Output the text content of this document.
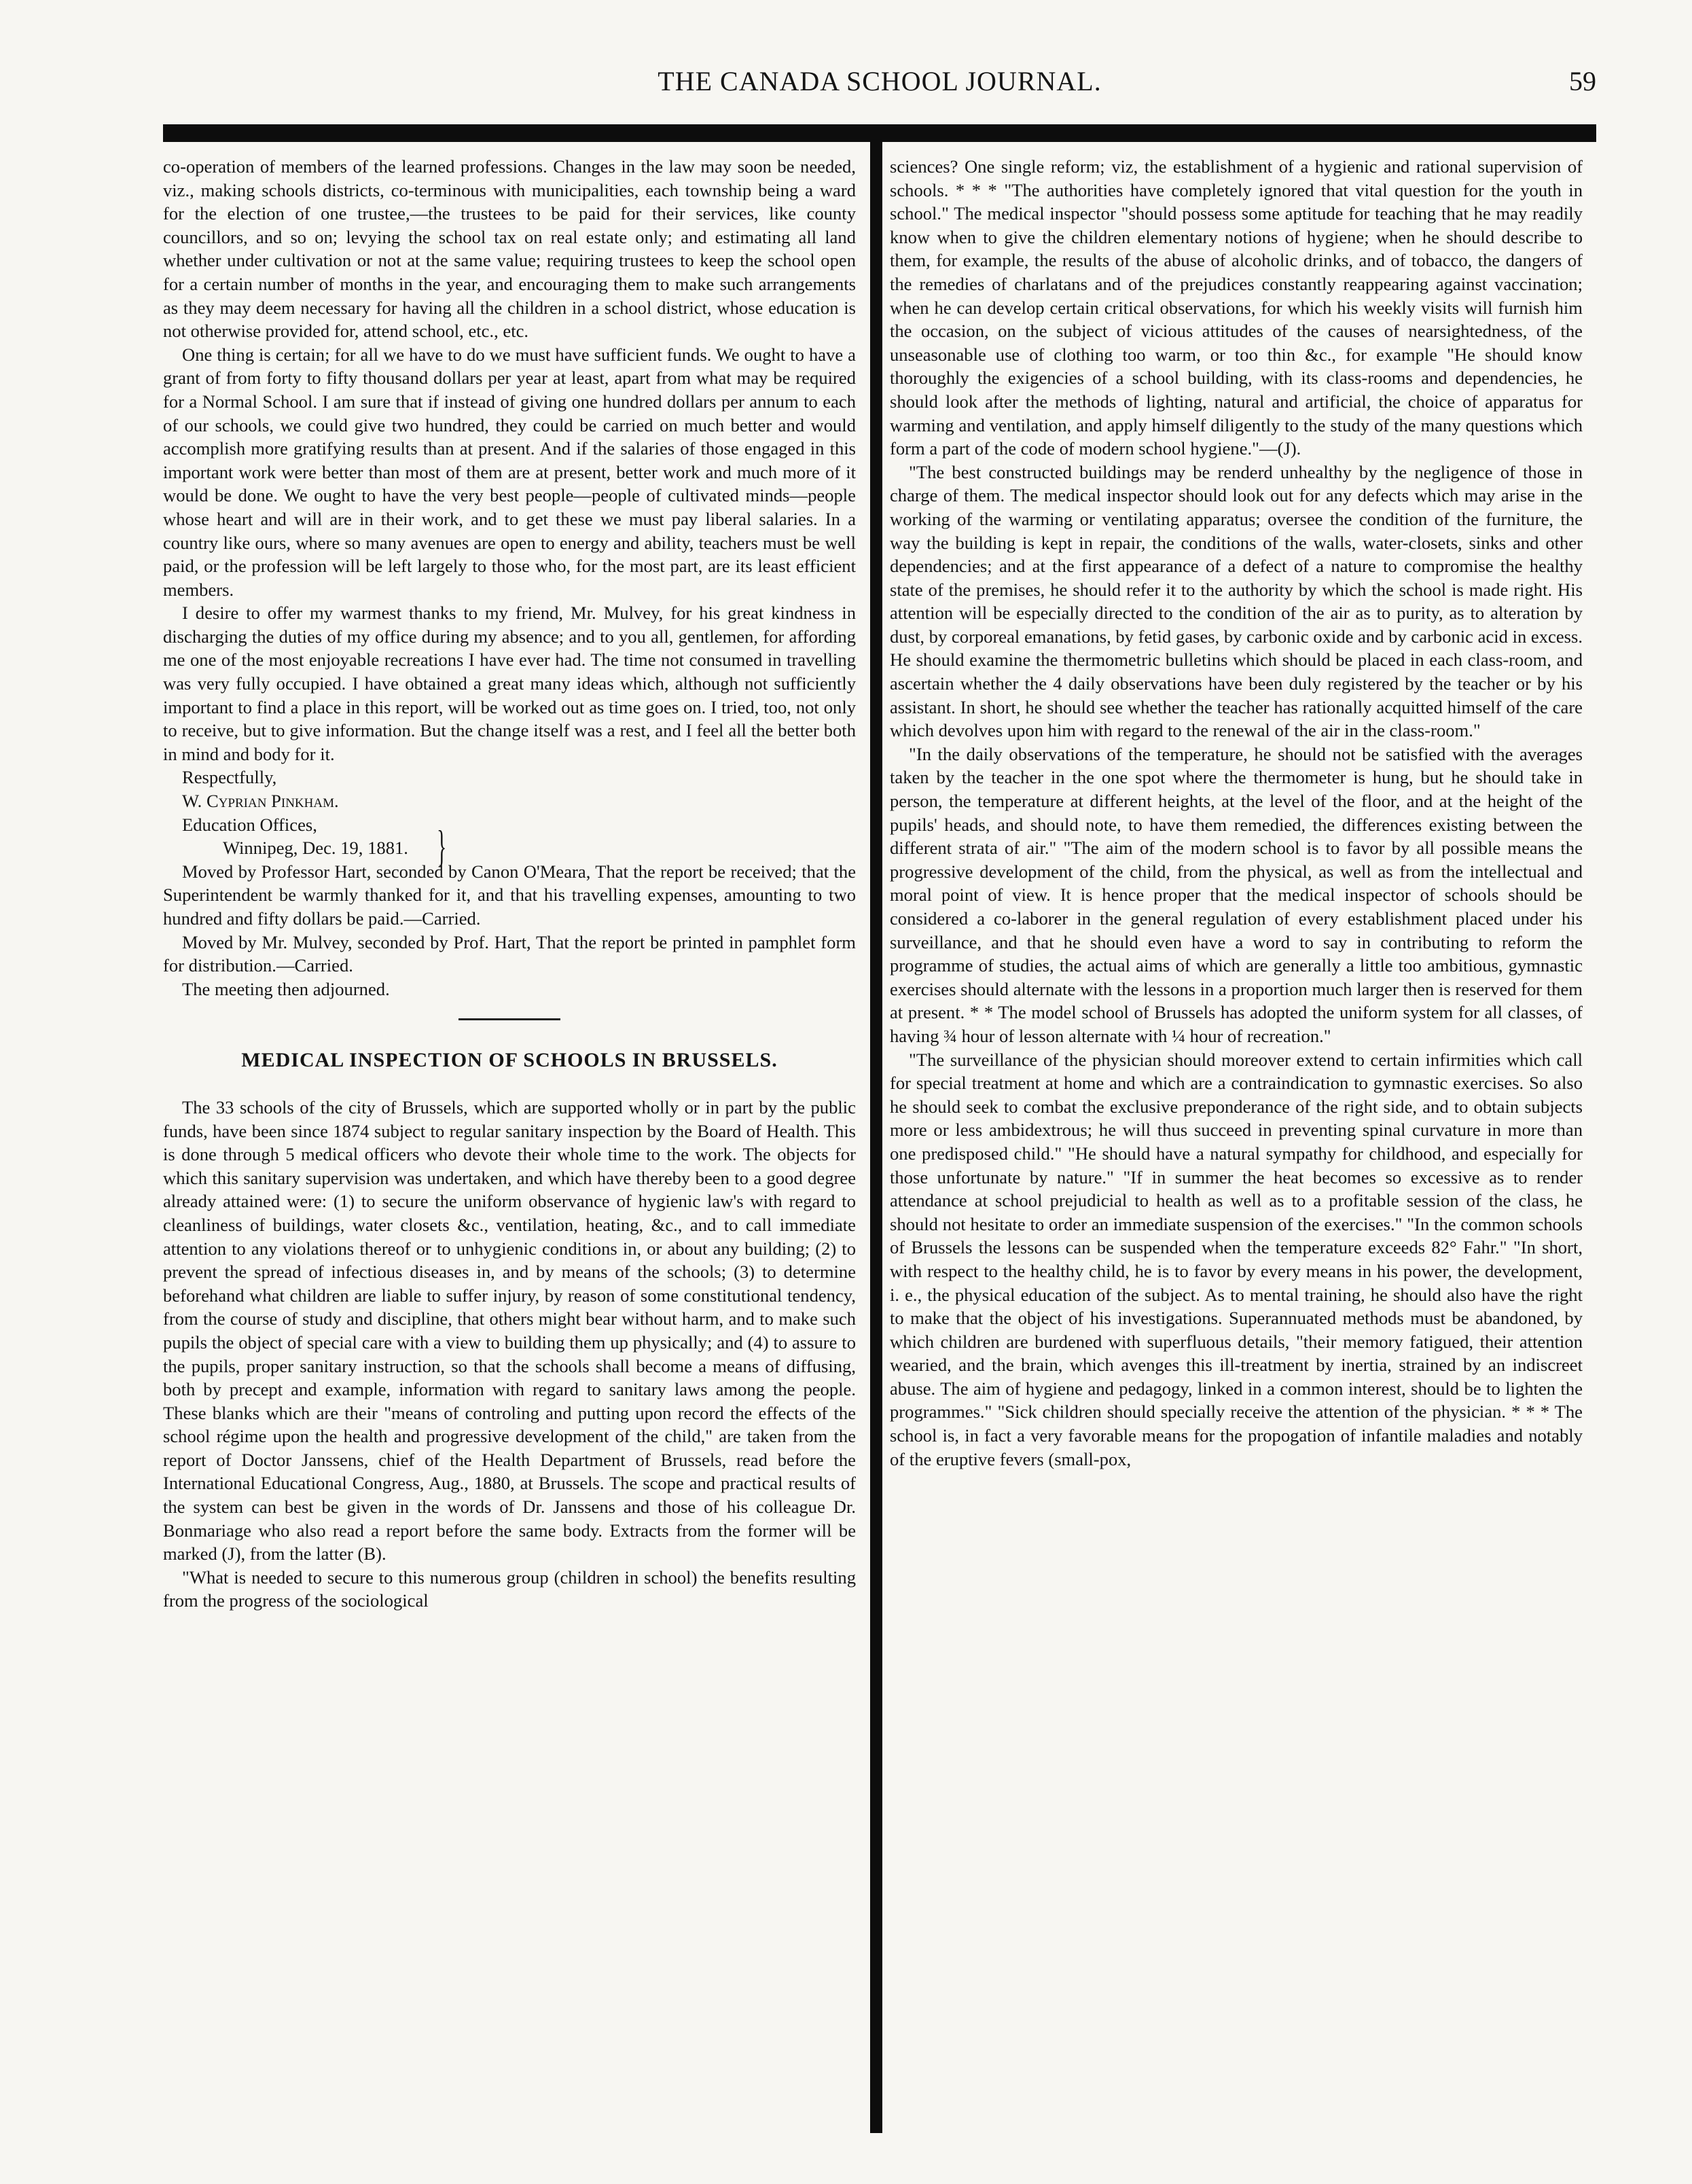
THE CANADA SCHOOL JOURNAL.	59

co-operation of members of the learned professions. Changes in the law may soon be needed, viz., making schools districts, co-terminous with municipalities, each township being a ward for the election of one trustee,—the trustees to be paid for their services, like county councillors, and so on; levying the school tax on real estate only; and estimating all land whether under cultivation or not at the same value; requiring trustees to keep the school open for a certain number of months in the year, and encouraging them to make such arrangements as they may deem necessary for having all the children in a school district, whose education is not otherwise provided for, attend school, etc., etc.

One thing is certain; for all we have to do we must have sufficient funds. We ought to have a grant of from forty to fifty thousand dollars per year at least, apart from what may be required for a Normal School. I am sure that if instead of giving one hundred dollars per annum to each of our schools, we could give two hundred, they could be carried on much better and would accomplish more gratifying results than at present. And if the salaries of those engaged in this important work were better than most of them are at present, better work and much more of it would be done. We ought to have the very best people—people of cultivated minds—people whose heart and will are in their work, and to get these we must pay liberal salaries. In a country like ours, where so many avenues are open to energy and ability, teachers must be well paid, or the profession will be left largely to those who, for the most part, are its least efficient members.

I desire to offer my warmest thanks to my friend, Mr. Mulvey, for his great kindness in discharging the duties of my office during my absence; and to you all, gentlemen, for affording me one of the most enjoyable recreations I have ever had. The time not consumed in travelling was very fully occupied. I have obtained a great many ideas which, although not sufficiently important to find a place in this report, will be worked out as time goes on. I tried, too, not only to receive, but to give information. But the change itself was a rest, and I feel all the better both in mind and body for it.

Respectfully,

W. Cyprian Pinkham.

Education Offices,

Winnipeg, Dec. 19, 1881. }

Moved by Professor Hart, seconded by Canon O'Meara, That the report be received; that the Superintendent be warmly thanked for it, and that his travelling expenses, amounting to two hundred and fifty dollars be paid.—Carried.

Moved by Mr. Mulvey, seconded by Prof. Hart, That the report be printed in pamphlet form for distribution.—Carried.

The meeting then adjourned.

MEDICAL INSPECTION OF SCHOOLS IN BRUSSELS.

The 33 schools of the city of Brussels, which are supported wholly or in part by the public funds, have been since 1874 subject to regular sanitary inspection by the Board of Health. This is done through 5 medical officers who devote their whole time to the work. The objects for which this sanitary supervision was undertaken, and which have thereby been to a good degree already attained were: (1) to secure the uniform observance of hygienic law's with regard to cleanliness of buildings, water closets &c., ventilation, heating, &c., and to call immediate attention to any violations thereof or to unhygienic conditions in, or about any building; (2) to prevent the spread of infectious diseases in, and by means of the schools; (3) to determine beforehand what children are liable to suffer injury, by reason of some constitutional tendency, from the course of study and discipline, that others might bear without harm, and to make such pupils the object of special care with a view to building them up physically; and (4) to assure to the pupils, proper sanitary instruction, so that the schools shall become a means of diffusing, both by precept and example, information with regard to sanitary laws among the people. These blanks which are their "means of controling and putting upon record the effects of the school régime upon the health and progressive development of the child," are taken from the report of Doctor Janssens, chief of the Health Department of Brussels, read before the International Educational Congress, Aug., 1880, at Brussels. The scope and practical results of the system can best be given in the words of Dr. Janssens and those of his colleague Dr. Bonmariage who also read a report before the same body. Extracts from the former will be marked (J), from the latter (B).

"What is needed to secure to this numerous group (children in school) the benefits resulting from the progress of the sociological

sciences? One single reform; viz, the establishment of a hygienic and rational supervision of schools. * * * "The authorities have completely ignored that vital question for the youth in school." The medical inspector "should possess some aptitude for teaching that he may readily know when to give the children elementary notions of hygiene; when he should describe to them, for example, the results of the abuse of alcoholic drinks, and of tobacco, the dangers of the remedies of charlatans and of the prejudices constantly reappearing against vaccination; when he can develop certain critical observations, for which his weekly visits will furnish him the occasion, on the subject of vicious attitudes of the causes of nearsightedness, of the unseasonable use of clothing too warm, or too thin &c., for example "He should know thoroughly the exigencies of a school building, with its class-rooms and dependencies, he should look after the methods of lighting, natural and artificial, the choice of apparatus for warming and ventilation, and apply himself diligently to the study of the many questions which form a part of the code of modern school hygiene."—(J).

"The best constructed buildings may be renderd unhealthy by the negligence of those in charge of them. The medical inspector should look out for any defects which may arise in the working of the warming or ventilating apparatus; oversee the condition of the furniture, the way the building is kept in repair, the conditions of the walls, water-closets, sinks and other dependencies; and at the first appearance of a defect of a nature to compromise the healthy state of the premises, he should refer it to the authority by which the school is made right. His attention will be especially directed to the condition of the air as to purity, as to alteration by dust, by corporeal emanations, by fetid gases, by carbonic oxide and by carbonic acid in excess. He should examine the thermometric bulletins which should be placed in each class-room, and ascertain whether the 4 daily observations have been duly registered by the teacher or by his assistant. In short, he should see whether the teacher has rationally acquitted himself of the care which devolves upon him with regard to the renewal of the air in the class-room."

"In the daily observations of the temperature, he should not be satisfied with the averages taken by the teacher in the one spot where the thermometer is hung, but he should take in person, the temperature at different heights, at the level of the floor, and at the height of the pupils' heads, and should note, to have them remedied, the differences existing between the different strata of air." "The aim of the modern school is to favor by all possible means the progressive development of the child, from the physical, as well as from the intellectual and moral point of view. It is hence proper that the medical inspector of schools should be considered a co-laborer in the general regulation of every establishment placed under his surveillance, and that he should even have a word to say in contributing to reform the programme of studies, the actual aims of which are generally a little too ambitious, gymnastic exercises should alternate with the lessons in a proportion much larger then is reserved for them at present. * * The model school of Brussels has adopted the uniform system for all classes, of having ¾ hour of lesson alternate with ¼ hour of recreation."

"The surveillance of the physician should moreover extend to certain infirmities which call for special treatment at home and which are a contraindication to gymnastic exercises. So also he should seek to combat the exclusive preponderance of the right side, and to obtain subjects more or less ambidextrous; he will thus succeed in preventing spinal curvature in more than one predisposed child." "He should have a natural sympathy for childhood, and especially for those unfortunate by nature." "If in summer the heat becomes so excessive as to render attendance at school prejudicial to health as well as to a profitable session of the class, he should not hesitate to order an immediate suspension of the exercises." "In the common schools of Brussels the lessons can be suspended when the temperature exceeds 82° Fahr." "In short, with respect to the healthy child, he is to favor by every means in his power, the development, i. e., the physical education of the subject. As to mental training, he should also have the right to make that the object of his investigations. Superannuated methods must be abandoned, by which children are burdened with superfluous details, "their memory fatigued, their attention wearied, and the brain, which avenges this ill-treatment by inertia, strained by an indiscreet abuse. The aim of hygiene and pedagogy, linked in a common interest, should be to lighten the programmes." "Sick children should specially receive the attention of the physician. * * * The school is, in fact a very favorable means for the propogation of infantile maladies and notably of the eruptive fevers (small-pox,
